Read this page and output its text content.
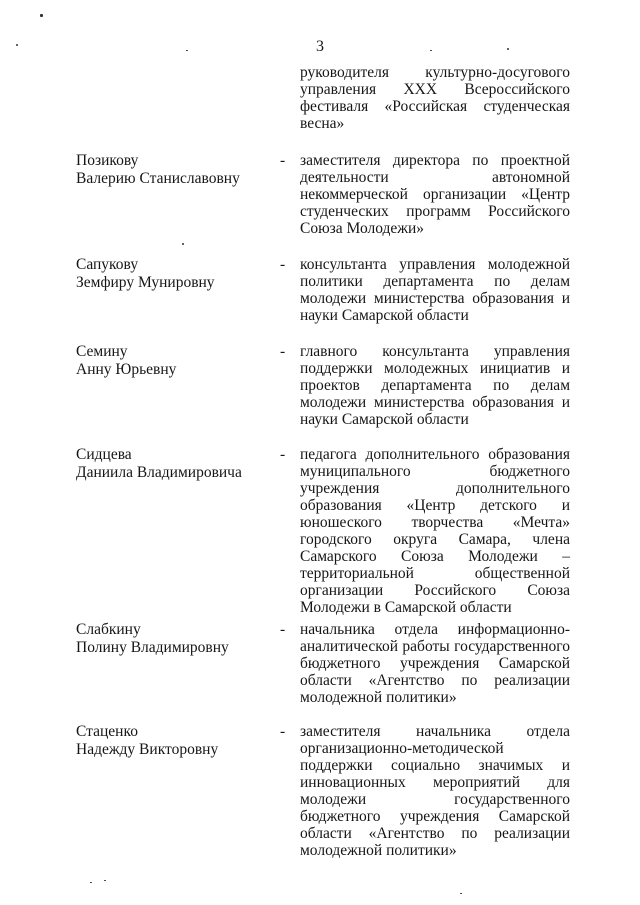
3
руководителя культурно-досугового управления XXX Всероссийского фестиваля «Российская студенческая весна»
Позикову
Валерию Станиславовну
- заместителя директора по проектной деятельности автономной некоммерческой организации «Центр студенческих программ Российского Союза Молодежи»
Сапукову
Земфиру Мунировну
- консультанта управления молодежной политики департамента по делам молодежи министерства образования и науки Самарской области
Семину
Анну Юрьевну
- главного консультанта управления поддержки молодежных инициатив и проектов департамента по делам молодежи министерства образования и науки Самарской области
Сидцева
Даниила Владимировича
- педагога дополнительного образования муниципального бюджетного учреждения дополнительного образования «Центр детского и юношеского творчества «Мечта» городского округа Самара, члена Самарского Союза Молодежи – территориальной общественной организации Российского Союза Молодежи в Самарской области
Слабкину
Полину Владимировну
- начальника отдела информационно-аналитической работы государственного бюджетного учреждения Самарской области «Агентство по реализации молодежной политики»
Стаценко
Надежду Викторовну
- заместителя начальника отдела организационно-методической поддержки социально значимых и инновационных мероприятий для молодежи государственного бюджетного учреждения Самарской области «Агентство по реализации молодежной политики»
